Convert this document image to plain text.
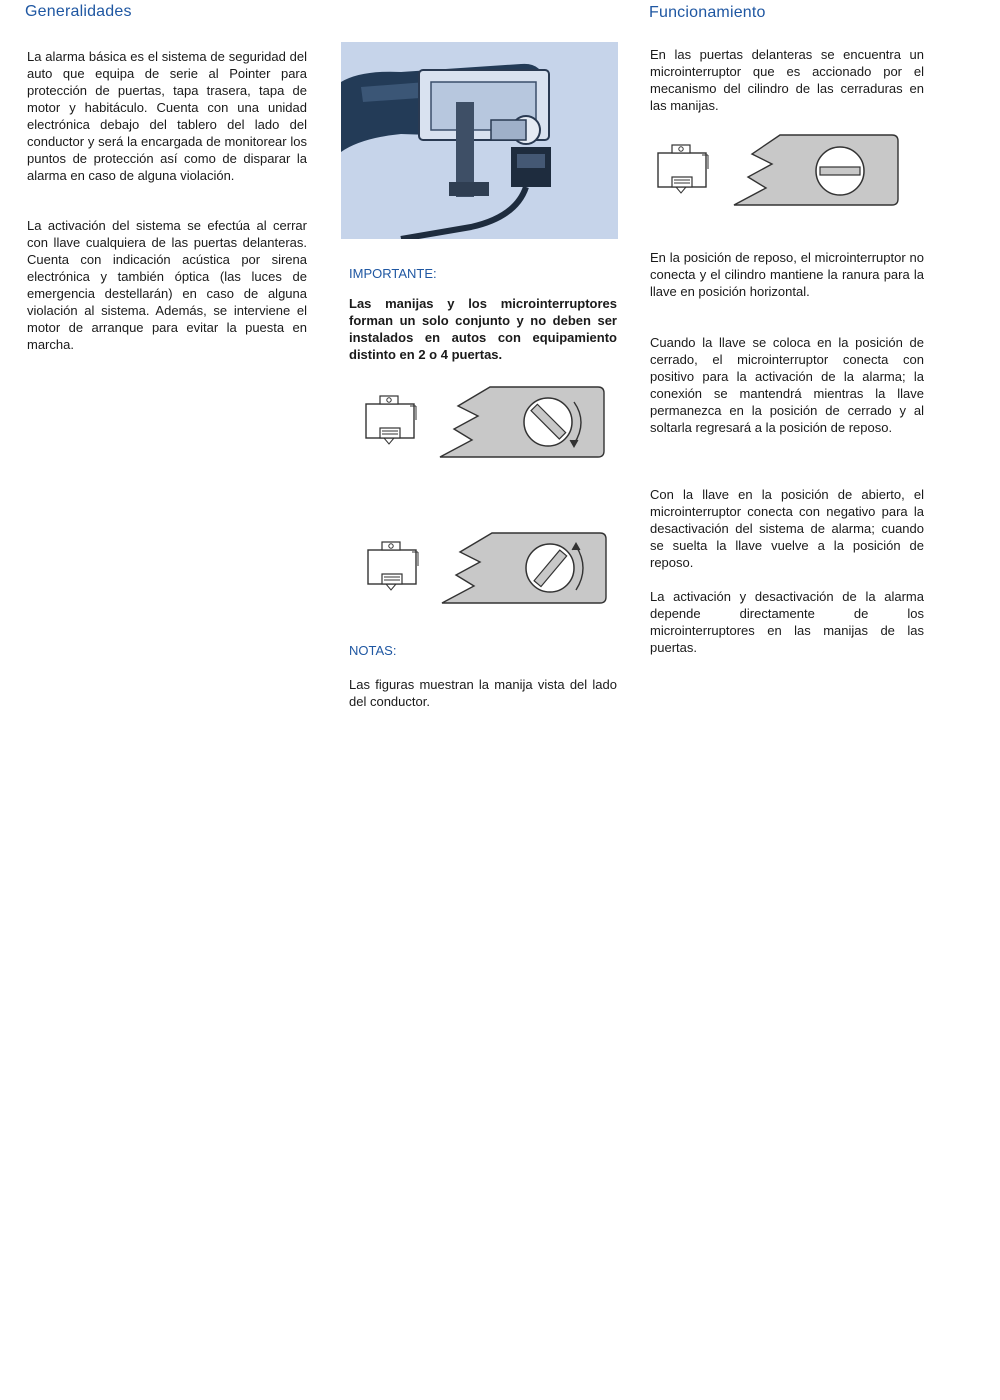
Generalidades

La alarma básica es el sistema de seguridad del auto que equipa de serie al Pointer para protección de puertas, tapa trasera, tapa de motor y habitáculo. Cuenta con una unidad electrónica debajo del tablero del lado del conductor y será la encargada de monitorear los puntos de protección así como de disparar la alarma en caso de alguna violación.

La activación del sistema se efectúa al cerrar con llave cualquiera de las puertas delanteras. Cuenta con indicación acústica por sirena electrónica y también óptica (las luces de emergencia destellarán) en caso de alguna violación al sistema. Además, se interviene el motor de arranque para evitar la puesta en marcha.

IMPORTANTE:

Las manijas y los microinterruptores forman un solo conjunto y no deben ser instalados en autos con equipamiento distinto en 2 o 4 puertas.

NOTAS:

Las figuras muestran la manija vista del lado del conductor.

Funcionamiento

En las puertas delanteras se encuentra un microinterruptor que es accionado por el mecanismo del cilindro de las cerraduras en las manijas.

En la posición de reposo, el microinterruptor no conecta y el cilindro mantiene la ranura para la llave en posición horizontal.

Cuando la llave se coloca en la posición de cerrado, el microinterruptor conecta con positivo para la activación de la alarma; la conexión se mantendrá mientras la llave permanezca en la posición de cerrado y al soltarla regresará a la posición de reposo.

Con la llave en la posición de abierto, el microinterruptor conecta con negativo para la desactivación del sistema de alarma; cuando se suelta la llave vuelve a la posición de reposo.

La activación y desactivación de la alarma depende directamente de los microinterruptores en las manijas de las puertas.
